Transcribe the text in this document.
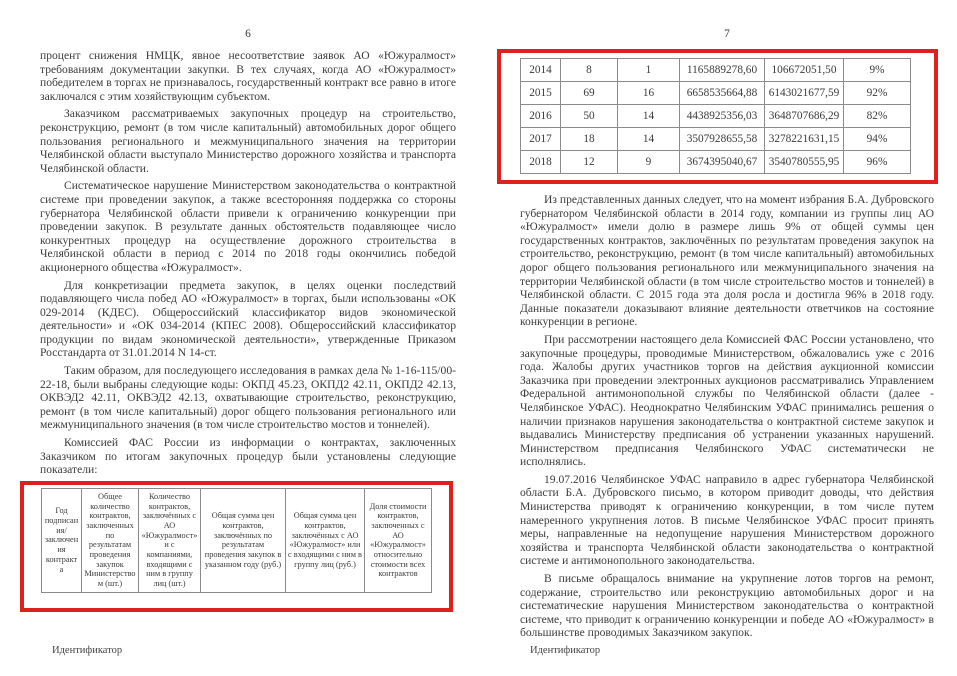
6

процент снижения НМЦК, явное несоответствие заявок АО «Южуралмост» требованиям документации закупки. В тех случаях, когда АО «Южуралмост» победителем в торгах не признавалось, государственный контракт все равно в итоге заключался с этим хозяйствующим субъектом.

Заказчиком рассматриваемых закупочных процедур на строительство, реконструкцию, ремонт (в том числе капитальный) автомобильных дорог общего пользования регионального и межмуниципального значения на территории Челябинской области выступало Министерство дорожного хозяйства и транспорта Челябинской области.

Систематическое нарушение Министерством законодательства о контрактной системе при проведении закупок, а также всесторонняя поддержка со стороны губернатора Челябинской области привели к ограничению конкуренции при проведении закупок. В результате данных обстоятельств подавляющее число конкурентных процедур на осуществление дорожного строительства в Челябинской области в период с 2014 по 2018 годы окончились победой акционерного общества «Южуралмост».

Для конкретизации предмета закупок, в целях оценки последствий подавляющего числа побед АО «Южуралмост» в торгах, были использованы «ОК 029-2014 (КДЕС). Общероссийский классификатор видов экономической деятельности» и «ОК 034-2014 (КПЕС 2008). Общероссийский классификатор продукции по видам экономической деятельности», утвержденные Приказом Росстандарта от 31.01.2014 N 14-ст.

Таким образом, для последующего исследования в рамках дела № 1-16-115/00-22-18, были выбраны следующие коды: ОКПД 45.23, ОКПД2 42.11, ОКПД2 42.13, ОКВЭД2 42.11, ОКВЭД2 42.13, охватывающие строительство, реконструкцию, ремонт (в том числе капитальный) дорог общего пользования регионального или межмуниципального значения (в том числе строительство мостов и тоннелей).

Комиссией ФАС России из информации о контрактах, заключенных Заказчиком по итогам закупочных процедур были установлены следующие показатели:

Год подписания/заключения контракта	Общее количество контрактов, заключенных по результатам проведения закупок Министерством (шт.)	Количество контрактов, заключённых с АО «Южуралмост» и с компаниями, входящими с ним в группу лиц (шт.)	Общая сумма цен контрактов, заключённых по результатам проведения закупок в указанном году (руб.)	Общая сумма цен контрактов, заключённых с АО «Южуралмост» или с входящими с ним в группу лиц (руб.)	Доля стоимости контрактов, заключенных с АО «Южуралмост» относительно стоимости всех контрактов
7
2014	8	1	1165889278,60	106672051,50	9%
2015	69	16	6658535664,88	6143021677,59	92%
2016	50	14	4438925356,03	3648707686,29	82%
2017	18	14	3507928655,58	3278221631,15	94%
2018	12	9	3674395040,67	3540780555,95	96%

Из представленных данных следует, что на момент избрания Б.А. Дубровского губернатором Челябинской области в 2014 году, компании из группы лиц АО «Южуралмост» имели долю в размере лишь 9% от общей суммы цен государственных контрактов, заключённых по результатам проведения закупок на строительство, реконструкцию, ремонт (в том числе капитальный) автомобильных дорог общего пользования регионального или межмуниципального значения на территории Челябинской области (в том числе строительство мостов и тоннелей) в Челябинской области. С 2015 года эта доля росла и достигла 96% в 2018 году. Данные показатели доказывают влияние деятельности ответчиков на состояние конкуренции в регионе.

При рассмотрении настоящего дела Комиссией ФАС России установлено, что закупочные процедуры, проводимые Министерством, обжаловались уже с 2016 года. Жалобы других участников торгов на действия аукционной комиссии Заказчика при проведении электронных аукционов рассматривались Управлением Федеральной антимонопольной службы по Челябинской области (далее - Челябинское УФАС). Неоднократно Челябинским УФАС принимались решения о наличии признаков нарушения законодательства о контрактной системе закупок и выдавались Министерству предписания об устранении указанных нарушений. Министерством предписания Челябинского УФАС систематически не исполнялись.

19.07.2016 Челябинское УФАС направило в адрес губернатора Челябинской области Б.А. Дубровского письмо, в котором приводит доводы, что действия Министерства приводят к ограничению конкуренции, в том числе путем намеренного укрупнения лотов. В письме Челябинское УФАС просит принять меры, направленные на недопущение нарушения Министерством дорожного хозяйства и транспорта Челябинской области законодательства о контрактной системе и антимонопольного законодательства.

В письме обращалось внимание на укрупнение лотов торгов на ремонт, содержание, строительство или реконструкцию автомобильных дорог и на систематические нарушения Министерством законодательства о контрактной системе, что приводит к ограничению конкуренции и победе АО «Южуралмост» в большинстве проводимых Заказчиком закупок.

Идентификатор	Идентификатор
